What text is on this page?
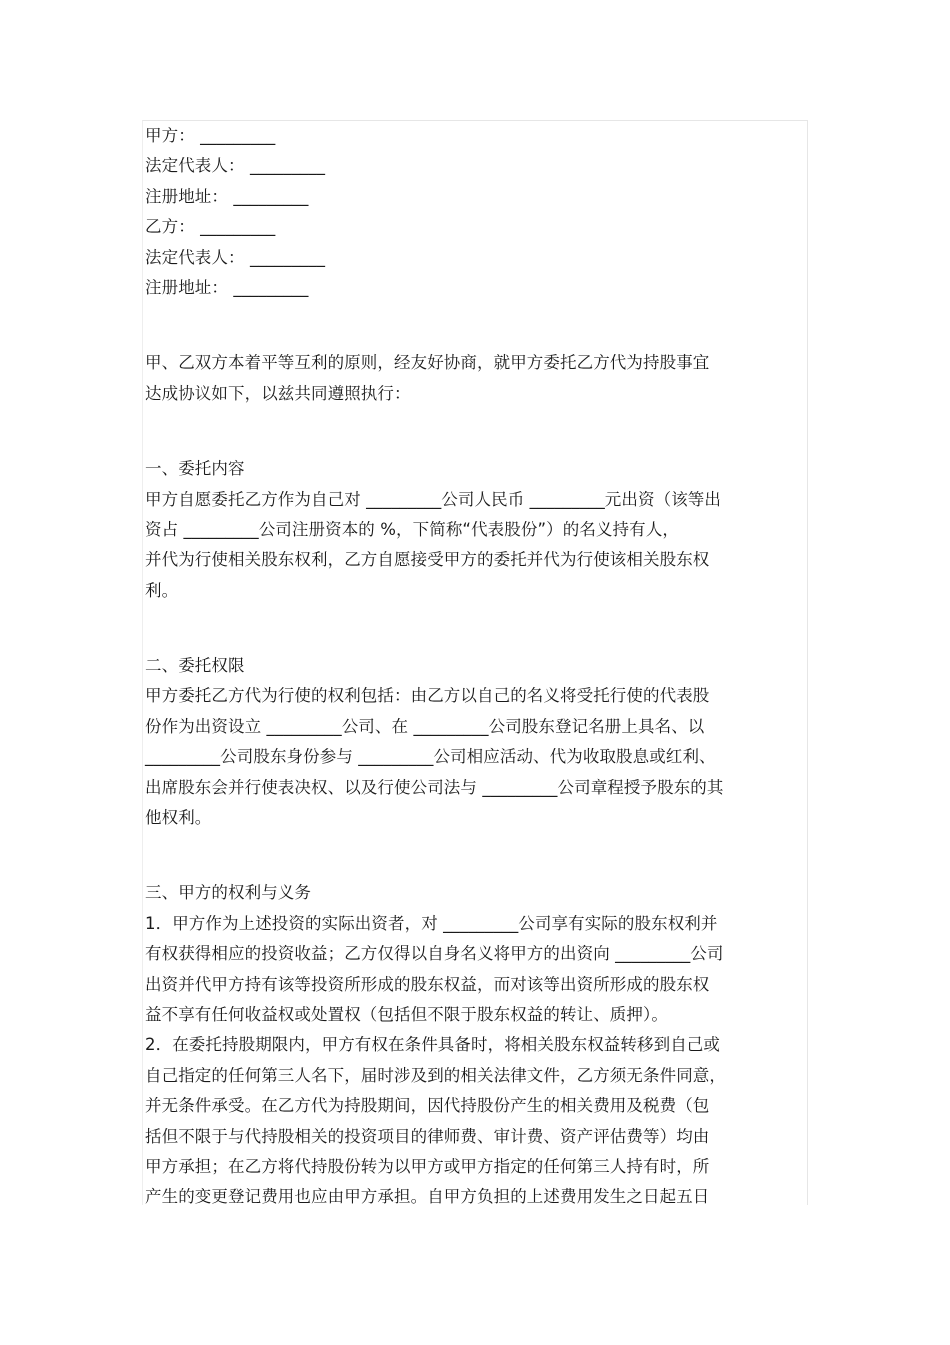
甲方： _________
法定代表人： _________
注册地址： _________
乙方： _________
法定代表人： _________
注册地址： _________
甲、乙双方本着平等互利的原则，经友好协商，就甲方委托乙方代为持股事宜
达成协议如下，以兹共同遵照执行：
一、委托内容
甲方自愿委托乙方作为自己对 _________公司人民币 _________元出资（该等出
资占 _________公司注册资本的 %，下简称“代表股份”）的名义持有人，
并代为行使相关股东权利，乙方自愿接受甲方的委托并代为行使该相关股东权
利。
二、委托权限
甲方委托乙方代为行使的权利包括：由乙方以自己的名义将受托行使的代表股
份作为出资设立 _________公司、在 _________公司股东登记名册上具名、以
_________公司股东身份参与 _________公司相应活动、代为收取股息或红利、
出席股东会并行使表决权、以及行使公司法与 _________公司章程授予股东的其
他权利。
三、甲方的权利与义务
1．甲方作为上述投资的实际出资者，对 _________公司享有实际的股东权利并
有权获得相应的投资收益；乙方仅得以自身名义将甲方的出资向 _________公司
出资并代甲方持有该等投资所形成的股东权益，而对该等出资所形成的股东权
益不享有任何收益权或处置权（包括但不限于股东权益的转让、质押）。
2．在委托持股期限内，甲方有权在条件具备时，将相关股东权益转移到自己或
自己指定的任何第三人名下，届时涉及到的相关法律文件，乙方须无条件同意，
并无条件承受。在乙方代为持股期间，因代持股份产生的相关费用及税费（包
括但不限于与代持股相关的投资项目的律师费、审计费、资产评估费等）均由
甲方承担；在乙方将代持股份转为以甲方或甲方指定的任何第三人持有时，所
产生的变更登记费用也应由甲方承担。自甲方负担的上述费用发生之日起五日
